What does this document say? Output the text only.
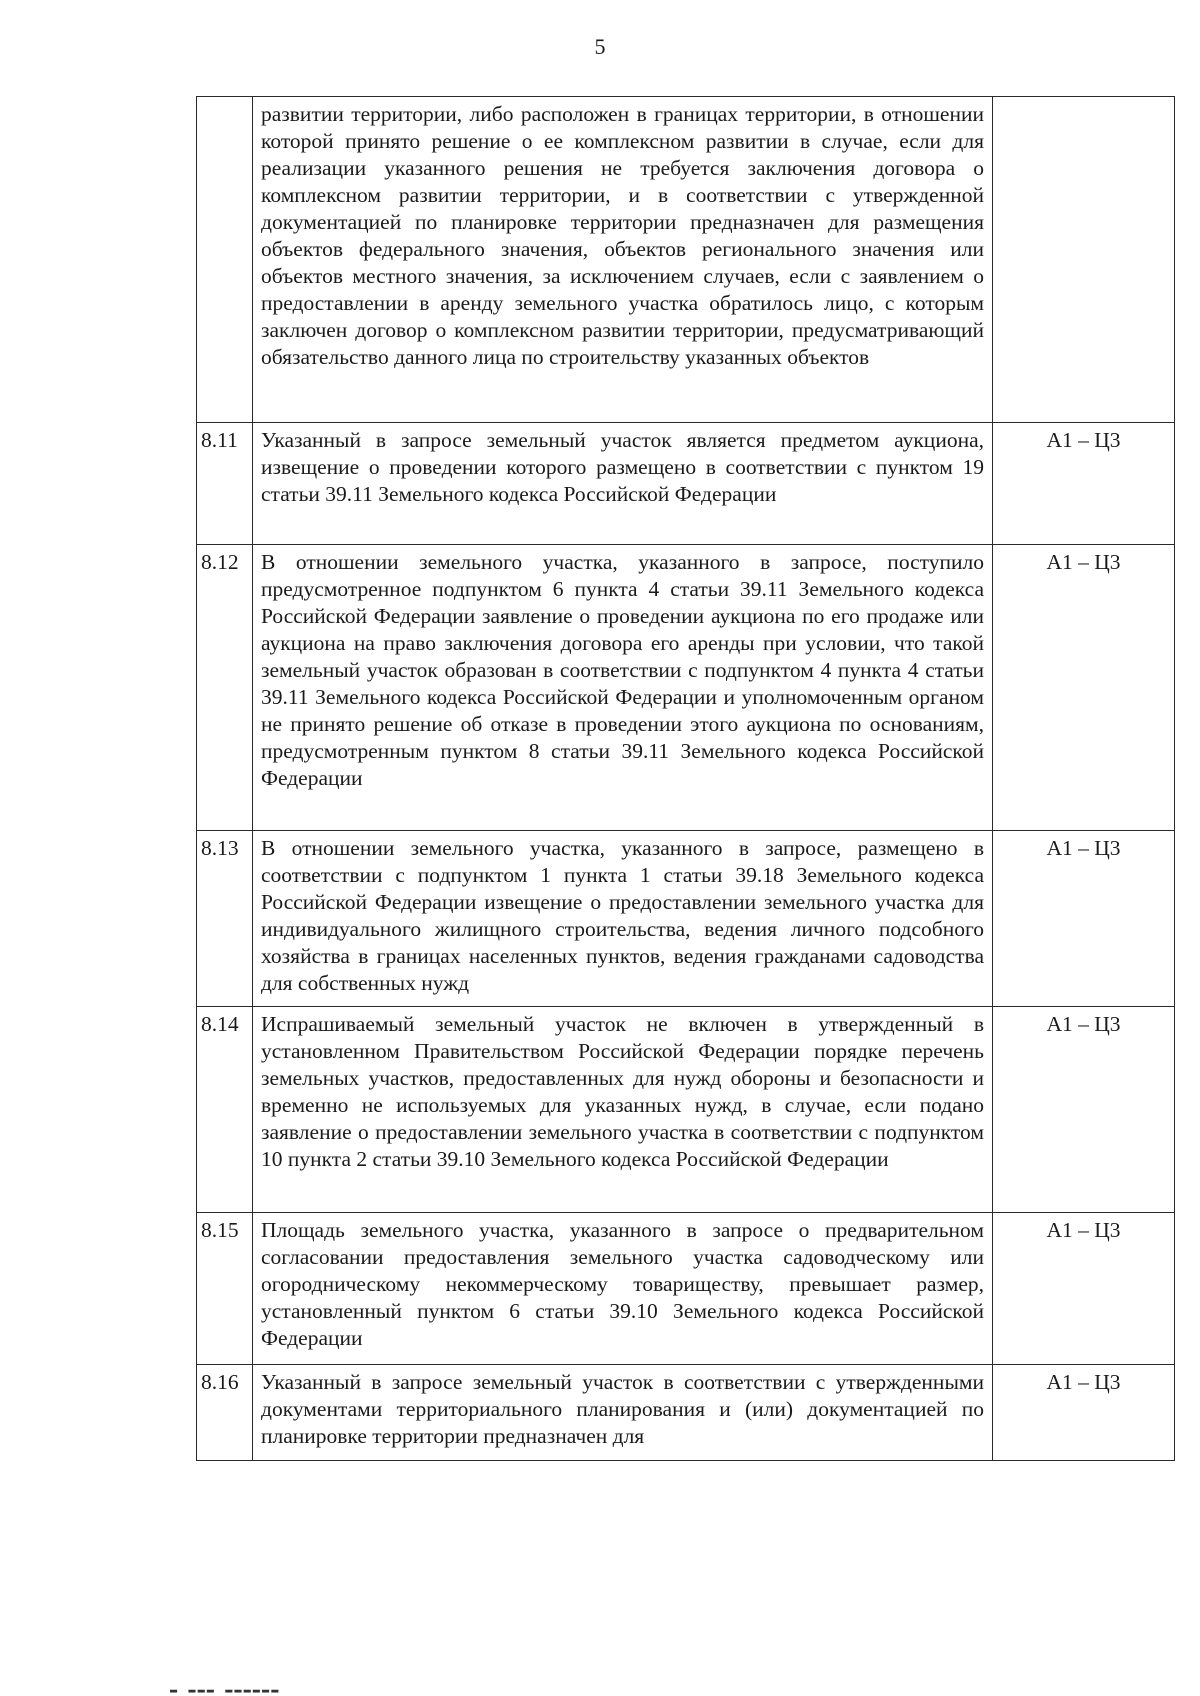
5
	развитии территории, либо расположен в границах территории, в отношении которой принято решение о ее комплексном развитии в случае, если для реализации указанного решения не требуется заключения договора о комплексном развитии территории, и в соответствии с утвержденной документацией по планировке территории предназначен для размещения объектов федерального значения, объектов регионального значения или объектов местного значения, за исключением случаев, если с заявлением о предоставлении в аренду земельного участка обратилось лицо, с которым заключен договор о комплексном развитии территории, предусматривающий обязательство данного лица по строительству указанных объектов	
8.11	Указанный в запросе земельный участок является предметом аукциона, извещение о проведении которого размещено в соответствии с пунктом 19 статьи 39.11 Земельного кодекса Российской Федерации	А1 – Ц3
8.12	В отношении земельного участка, указанного в запросе, поступило предусмотренное подпунктом 6 пункта 4 статьи 39.11 Земельного кодекса Российской Федерации заявление о проведении аукциона по его продаже или аукциона на право заключения договора его аренды при условии, что такой земельный участок образован в соответствии с подпунктом 4 пункта 4 статьи 39.11 Земельного кодекса Российской Федерации и уполномоченным органом не принято решение об отказе в проведении этого аукциона по основаниям, предусмотренным пунктом 8 статьи 39.11 Земельного кодекса Российской Федерации	А1 – Ц3
8.13	В отношении земельного участка, указанного в запросе, размещено в соответствии с подпунктом 1 пункта 1 статьи 39.18 Земельного кодекса Российской Федерации извещение о предоставлении земельного участка для индивидуального жилищного строительства, ведения личного подсобного хозяйства в границах населенных пунктов, ведения гражданами садоводства для собственных нужд	А1 – Ц3
8.14	Испрашиваемый земельный участок не включен в утвержденный в установленном Правительством Российской Федерации порядке перечень земельных участков, предоставленных для нужд обороны и безопасности и временно не используемых для указанных нужд, в случае, если подано заявление о предоставлении земельного участка в соответствии с подпунктом 10 пункта 2 статьи 39.10 Земельного кодекса Российской Федерации	А1 – Ц3
8.15	Площадь земельного участка, указанного в запросе о предварительном согласовании предоставления земельного участка садоводческому или огородническому некоммерческому товариществу, превышает размер, установленный пунктом 6 статьи 39.10 Земельного кодекса Российской Федерации	А1 – Ц3
8.16	Указанный в запросе земельный участок в соответствии с утвержденными документами территориального планирования и (или) документацией по планировке территории предназначен для	А1 – Ц3
▬ ▬▬▬ ▬▬▬▬▬▬
